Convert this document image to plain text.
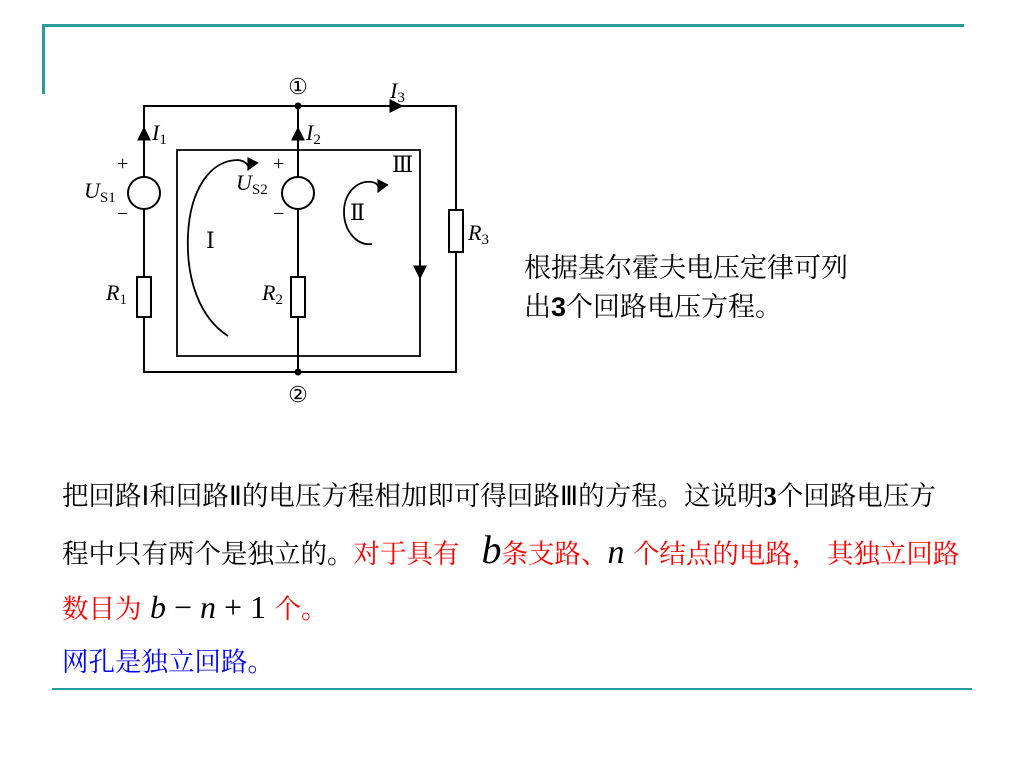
①
②
I3
I1	I2
+
−
US1
+
−
US2
R1	R2
R3
Ⅰ
Ⅱ
Ⅲ
根据基尔霍夫电压定律可列
出3个回路电压方程。
把回路Ⅰ和回路Ⅱ的电压方程相加即可得回路Ⅲ的方程。这说明3个回路电压方程中只有两个是独立的。对于具有 b条支路、n 个结点的电路， 其独立回路数目为 b − n + 1 个。
网孔是独立回路。
